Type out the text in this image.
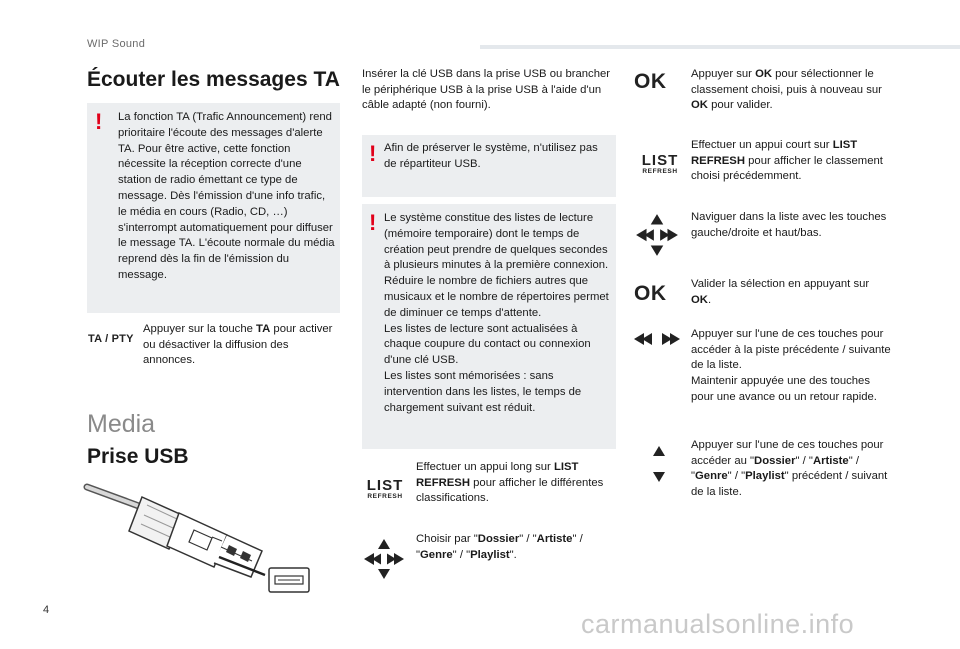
WIP Sound
4	carmanualsonline.info
Écouter les messages TA
! La fonction TA (Trafic Announcement) rend prioritaire l'écoute des messages d'alerte TA. Pour être active, cette fonction nécessite la réception correcte d'une station de radio émettant ce type de message. Dès l'émission d'une info trafic, le média en cours (Radio, CD, …) s'interrompt automatiquement pour diffuser le message TA. L'écoute normale du média reprend dès la fin de l'émission du message.
TA / PTY
Appuyer sur la touche TA pour activer ou désactiver la diffusion des annonces.
Media
Prise USB
Insérer la clé USB dans la prise USB ou brancher le périphérique USB à la prise USB à l'aide d'un câble adapté (non fourni).
! Afin de préserver le système, n'utilisez pas de répartiteur USB.
! Le système constitue des listes de lecture (mémoire temporaire) dont le temps de création peut prendre de quelques secondes à plusieurs minutes à la première connexion.
Réduire le nombre de fichiers autres que musicaux et le nombre de répertoires permet de diminuer ce temps d'attente.
Les listes de lecture sont actualisées à chaque coupure du contact ou connexion d'une clé USB.
Les listes sont mémorisées : sans intervention dans les listes, le temps de chargement suivant est réduit.
LIST
REFRESH
Effectuer un appui long sur LIST REFRESH pour afficher le différentes classifications.
Choisir par "Dossier" / "Artiste" / "Genre" / "Playlist".
OK Appuyer sur OK pour sélectionner le classement choisi, puis à nouveau sur OK pour valider.
LIST
REFRESH
Effectuer un appui court sur LIST REFRESH pour afficher le classement choisi précédemment.
Naviguer dans la liste avec les touches gauche/droite et haut/bas.
OK Valider la sélection en appuyant sur OK.
Appuyer sur l'une de ces touches pour accéder à la piste précédente / suivante de la liste.
Maintenir appuyée une des touches pour une avance ou un retour rapide.
Appuyer sur l'une de ces touches pour accéder au "Dossier" / "Artiste" / "Genre" / "Playlist" précédent / suivant de la liste.
